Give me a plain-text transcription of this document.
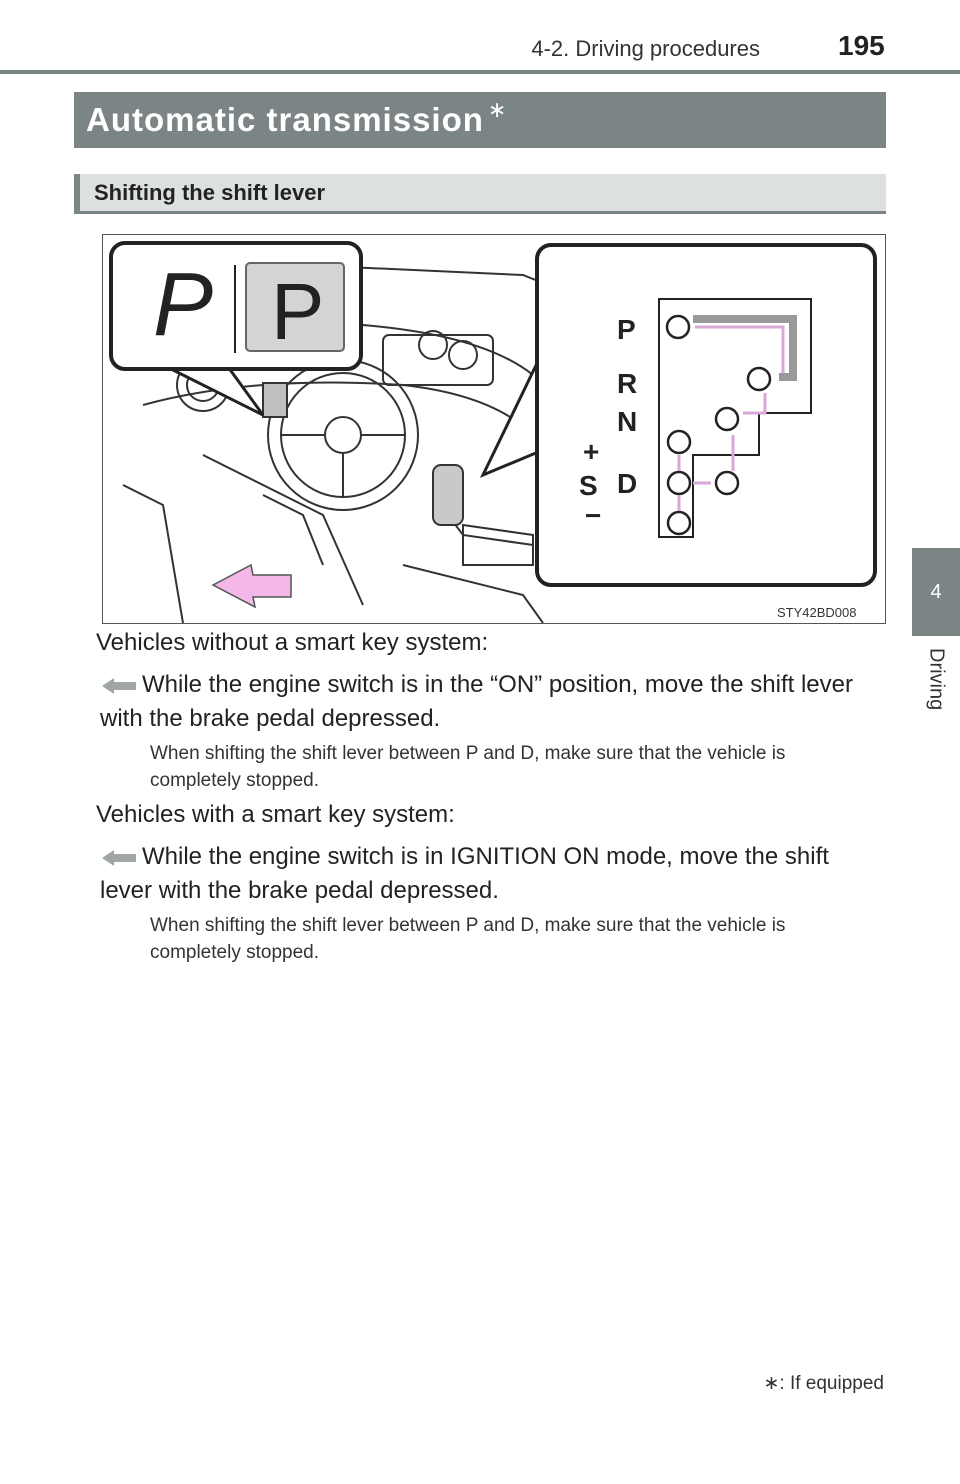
4-2. Driving procedures	195
4
Driving
Automatic transmission ∗
Shifting the shift lever
P P	P
R
N
D
+
S
−
STY42BD008
Vehicles without a smart key system:
While the engine switch is in the “ON” position, move the shift lever with the brake pedal depressed.
When shifting the shift lever between P and D, make sure that the vehicle is completely stopped.
Vehicles with a smart key system:
While the engine switch is in IGNITION ON mode, move the shift lever with the brake pedal depressed.
When shifting the shift lever between P and D, make sure that the vehicle is completely stopped.
∗: If equipped
